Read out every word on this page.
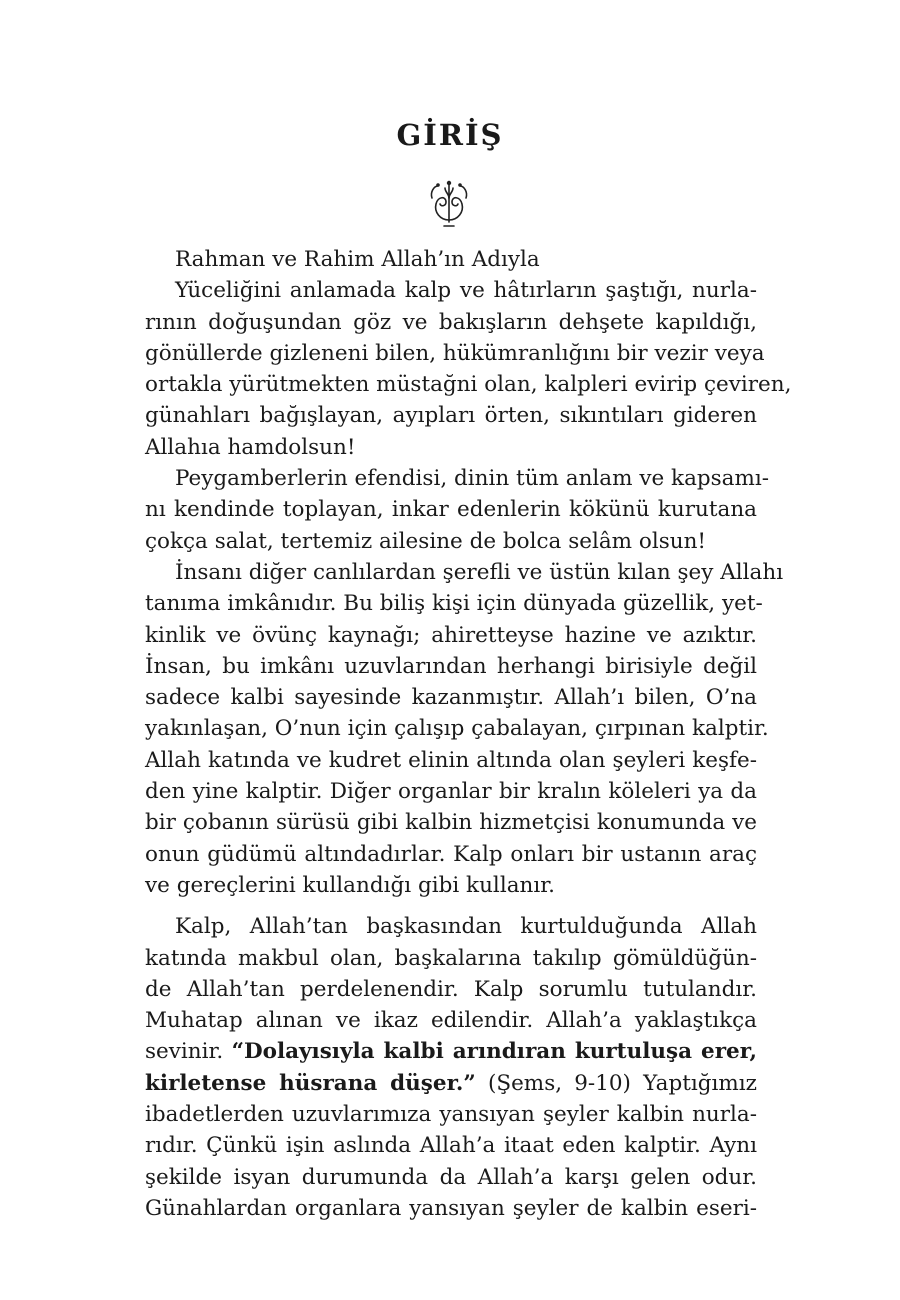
GİRİŞ
Rahman ve Rahim Allah’ın Adıyla
Yüceliğini anlamada kalp ve hâtırların şaştığı, nurla-
rının doğuşundan göz ve bakışların dehşete kapıldığı,
gönüllerde gizleneni bilen, hükümranlığını bir vezir veya
ortakla yürütmekten müstağni olan, kalpleri evirip çeviren,
günahları bağışlayan, ayıpları örten, sıkıntıları gideren
Allahıa hamdolsun!
Peygamberlerin efendisi, dinin tüm anlam ve kapsamı-
nı kendinde toplayan, inkar edenlerin kökünü kurutana
çokça salat, tertemiz ailesine de bolca selâm olsun!
İnsanı diğer canlılardan şerefli ve üstün kılan şey Allahı
tanıma imkânıdır. Bu biliş kişi için dünyada güzellik, yet-
kinlik ve övünç kaynağı; ahiretteyse hazine ve azıktır.
İnsan, bu imkânı uzuvlarından herhangi birisiyle değil
sadece kalbi sayesinde kazanmıştır. Allah’ı bilen, O’na
yakınlaşan, O’nun için çalışıp çabalayan, çırpınan kalptir.
Allah katında ve kudret elinin altında olan şeyleri keşfe-
den yine kalptir. Diğer organlar bir kralın köleleri ya da
bir çobanın sürüsü gibi kalbin hizmetçisi konumunda ve
onun güdümü altındadırlar. Kalp onları bir ustanın araç
ve gereçlerini kullandığı gibi kullanır.
Kalp, Allah’tan başkasından kurtulduğunda Allah
katında makbul olan, başkalarına takılıp gömüldüğün-
de Allah’tan perdelenendir. Kalp sorumlu tutulandır.
Muhatap alınan ve ikaz edilendir. Allah’a yaklaştıkça
sevinir. “Dolayısıyla kalbi arındıran kurtuluşa erer,
kirletense hüsrana düşer.” (Şems, 9-10) Yaptığımız
ibadetlerden uzuvlarımıza yansıyan şeyler kalbin nurla-
rıdır. Çünkü işin aslında Allah’a itaat eden kalptir. Aynı
şekilde isyan durumunda da Allah’a karşı gelen odur.
Günahlardan organlara yansıyan şeyler de kalbin eseri-
